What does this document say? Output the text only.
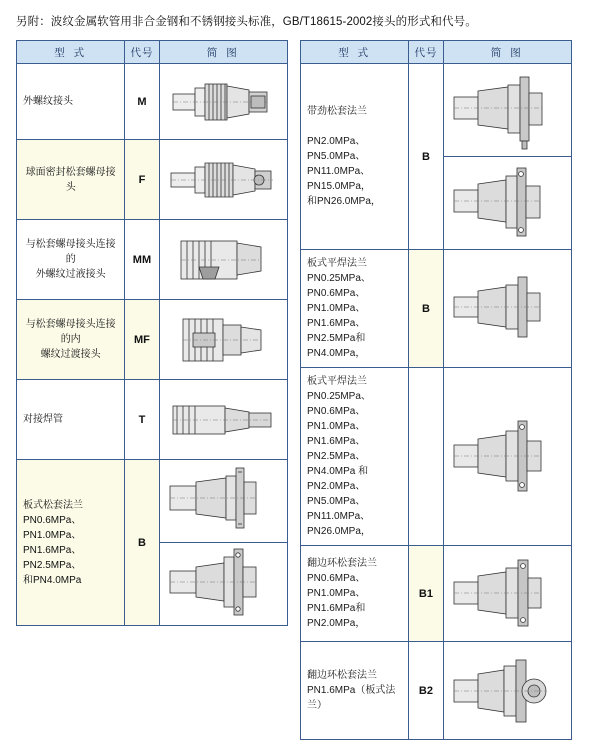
另附：波纹金属软管用非合金钢和不锈钢接头标准，GB/T18615-2002接头的形式和代号。
型 式	代号	简 图
外螺纹接头	M	

球面密封松套螺母接头	F	

与松套螺母接头连接的
外螺纹过液接头	MM	

与松套螺母接头连接的内
螺纹过渡接头	MF	

对接焊管	T	

板式松套法兰
PN0.6MPa、PN1.0MPa、
PN1.6MPa、PN2.5MPa、
和PN4.0MPa	B	
型 式	代号	简 图
带劲松套法兰

PN2.0MPa、PN5.0MPa、
PN11.0MPa、PN15.0MPa，
和PN26.0MPa，	B	

板式平焊法兰
PN0.25MPa、PN0.6MPa、
PN1.0MPa、PN1.6MPa、
PN2.5MPa和PN4.0MPa，	B	

板式平焊法兰
PN0.25MPa、PN0.6MPa、
PN1.0MPa、PN1.6MPa、
PN2.5MPa、PN4.0MPa 和
PN2.0MPa、PN5.0MPa、
PN11.0MPa、PN26.0MPa，		

翻边环松套法兰
PN0.6MPa、PN1.0MPa、
PN1.6MPa和PN2.0MPa，	B1	

翻边环松套法兰
PN1.6MPa（板式法兰）	B2	
